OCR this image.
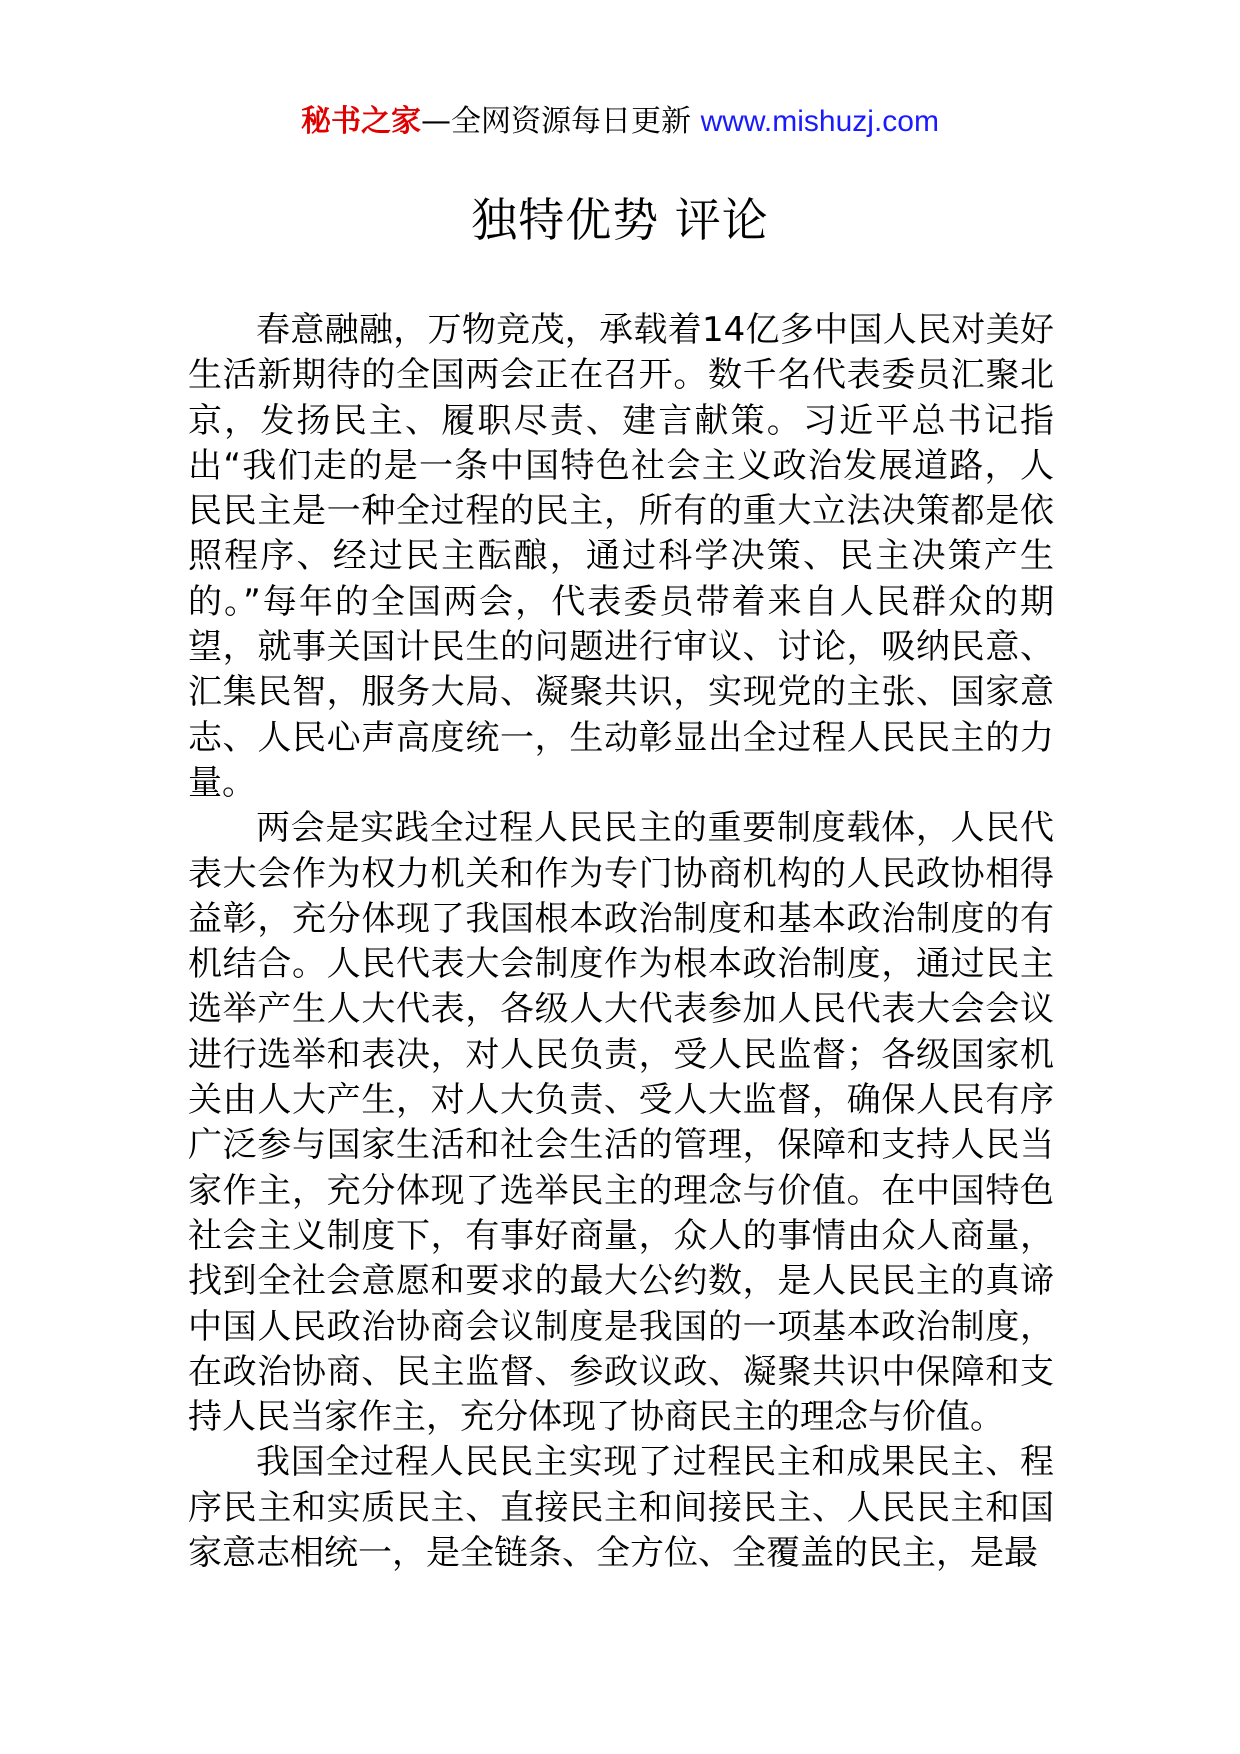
秘书之家—全网资源每日更新 www.mishuzj.com
独特优势 评论

春意融融，万物竞茂，承载着14亿多中国人民对美好生活新期待的全国两会正在召开。数千名代表委员汇聚北京，发扬民主、履职尽责、建言献策。习近平总书记指出“我们走的是一条中国特色社会主义政治发展道路，人民民主是一种全过程的民主，所有的重大立法决策都是依照程序、经过民主酝酿，通过科学决策、民主决策产生的。”每年的全国两会，代表委员带着来自人民群众的期望，就事关国计民生的问题进行审议、讨论，吸纳民意、汇集民智，服务大局、凝聚共识，实现党的主张、国家意志、人民心声高度统一，生动彰显出全过程人民民主的力量。

两会是实践全过程人民民主的重要制度载体，人民代表大会作为权力机关和作为专门协商机构的人民政协相得益彰，充分体现了我国根本政治制度和基本政治制度的有机结合。人民代表大会制度作为根本政治制度，通过民主选举产生人大代表，各级人大代表参加人民代表大会会议进行选举和表决，对人民负责，受人民监督；各级国家机关由人大产生，对人大负责、受人大监督，确保人民有序广泛参与国家生活和社会生活的管理，保障和支持人民当家作主，充分体现了选举民主的理念与价值。在中国特色社会主义制度下，有事好商量，众人的事情由众人商量，找到全社会意愿和要求的最大公约数，是人民民主的真谛中国人民政治协商会议制度是我国的一项基本政治制度，在政治协商、民主监督、参政议政、凝聚共识中保障和支持人民当家作主，充分体现了协商民主的理念与价值。

我国全过程人民民主实现了过程民主和成果民主、程序民主和实质民主、直接民主和间接民主、人民民主和国家意志相统一，是全链条、全方位、全覆盖的民主，是最
